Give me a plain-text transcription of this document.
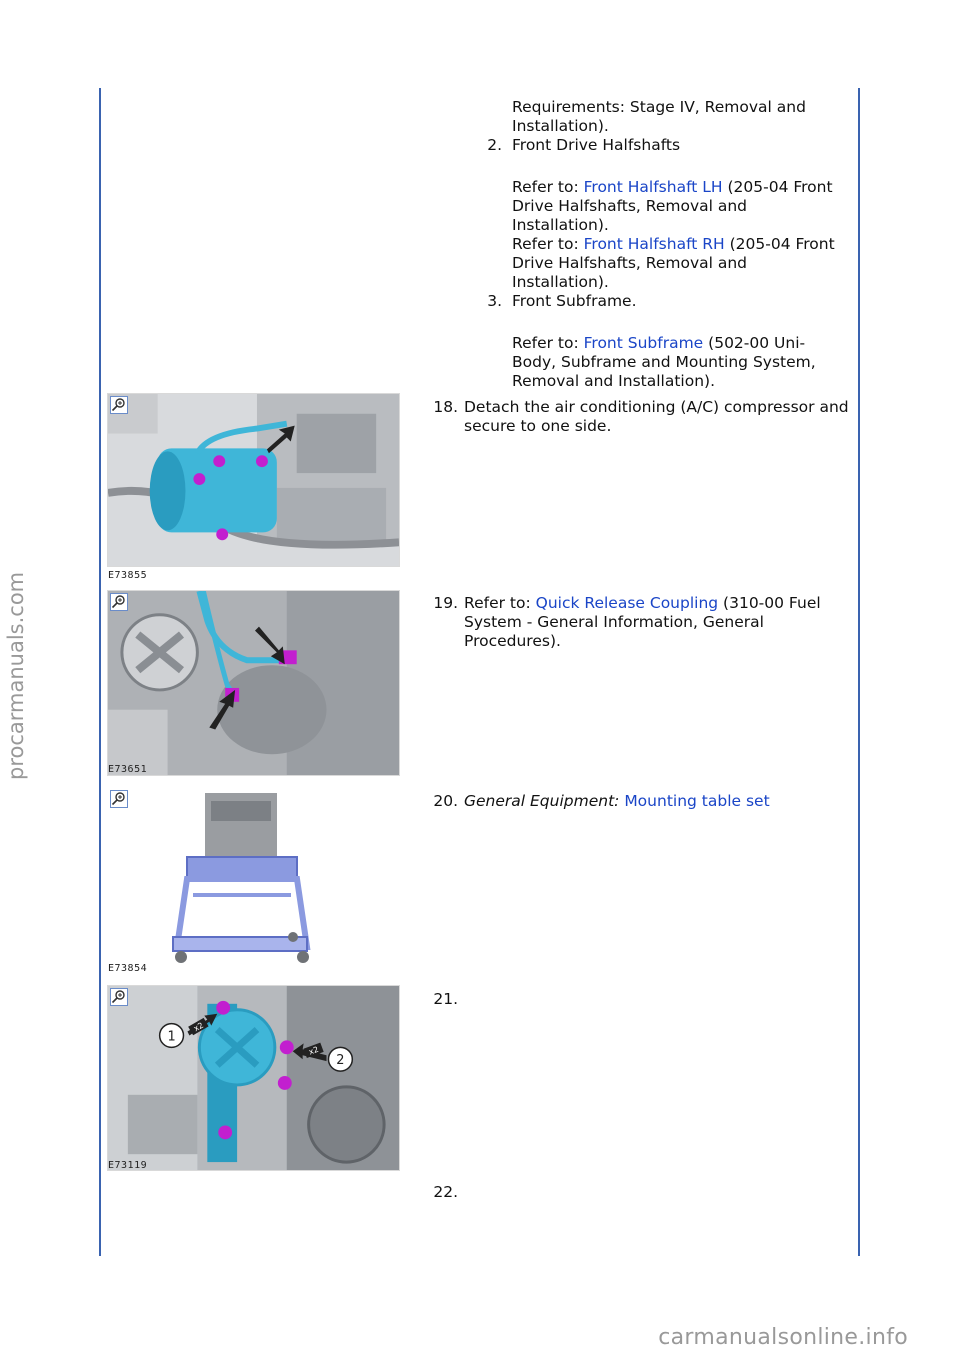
Requirements: Stage IV, Removal and
Installation).
2. Front Drive Halfshafts
Refer to: Front Halfshaft LH (205-04 Front
Drive Halfshafts, Removal and
Installation).
Refer to: Front Halfshaft RH (205-04 Front
Drive Halfshafts, Removal and
Installation).
3. Front Subframe.
Refer to: Front Subframe (502-00 Uni-
Body, Subframe and Mounting System,
Removal and Installation).
E73855
18. Detach the air conditioning (A/C) compressor and
secure to one side.
E73651
19. Refer to: Quick Release Coupling (310-00 Fuel
System - General Information, General
Procedures).
E73854
20. General Equipment: Mounting table set
1
x2
2
x2
E73119
21.
22.
procarmanuals.com
carmanualsonline.info
